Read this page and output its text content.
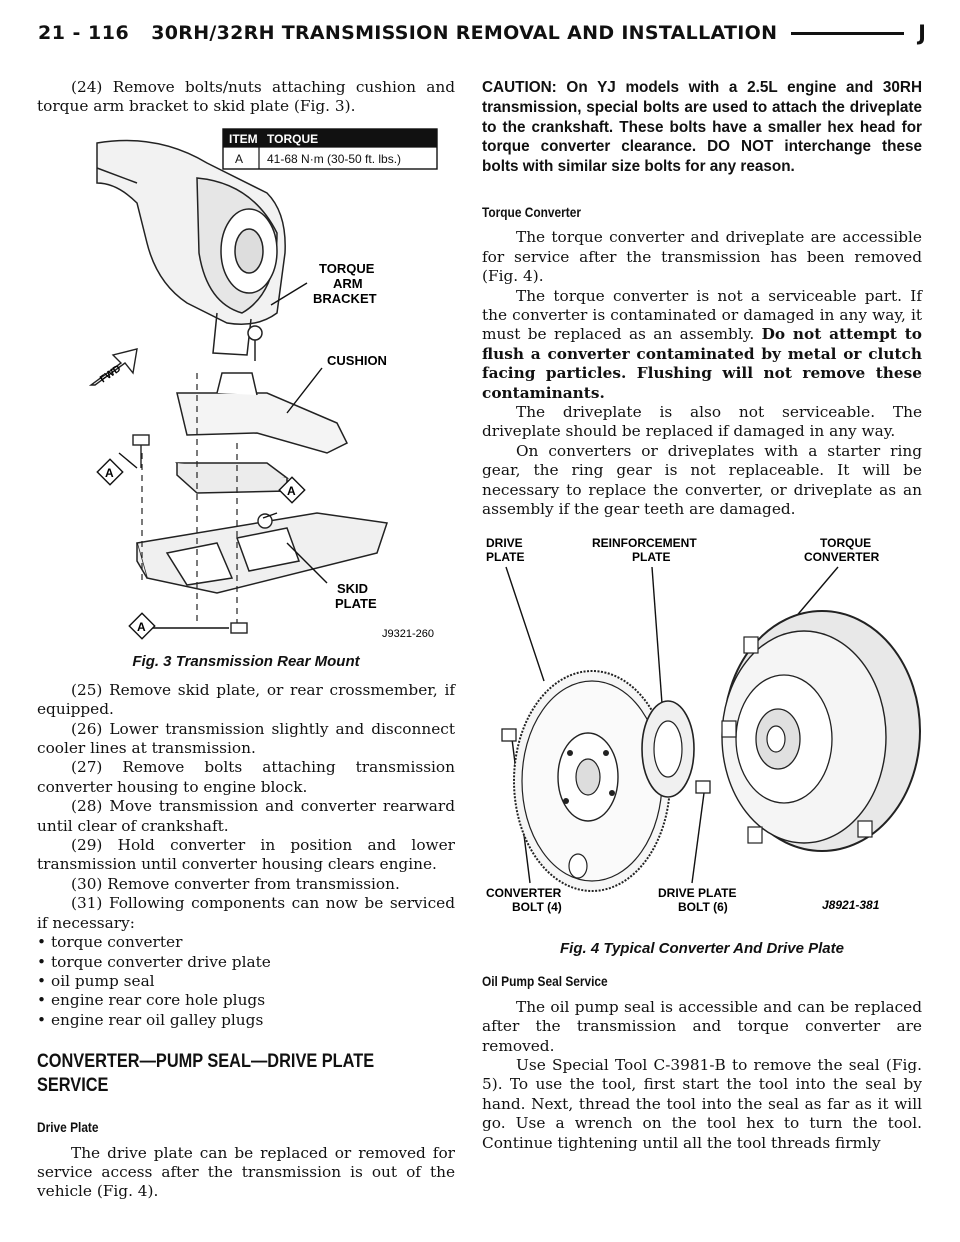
21 - 116 30RH/32RH TRANSMISSION REMOVAL AND INSTALLATION	J

(24) Remove bolts/nuts attaching cushion and torque arm bracket to skid plate (Fig. 3).

ITEM TORQUE
A 41-68 N·m (30-50 ft. lbs.)
FWD
TORQUE
ARM
BRACKET
CUSHION
SKID
PLATE
A
A
A	J9321-260
Fig. 3 Transmission Rear Mount

(25) Remove skid plate, or rear crossmember, if equipped.

(26) Lower transmission slightly and disconnect cooler lines at transmission.

(27) Remove bolts attaching transmission converter housing to engine block.

(28) Move transmission and converter rearward until clear of crankshaft.

(29) Hold converter in position and lower transmission until converter housing clears engine.

(30) Remove converter from transmission.

(31) Following components can now be serviced if necessary:

• torque converter
• torque converter drive plate
• oil pump seal
• engine rear core hole plugs
• engine rear oil galley plugs
CONVERTER—PUMP SEAL—DRIVE PLATE
SERVICE
Drive Plate

The drive plate can be replaced or removed for service access after the transmission is out of the vehicle (Fig. 4).

CAUTION: On YJ models with a 2.5L engine and 30RH transmission, special bolts are used to attach the driveplate to the crankshaft. These bolts have a smaller hex head for torque converter clearance. DO NOT interchange these bolts with similar size bolts for any reason.

Torque Converter

The torque converter and driveplate are accessible for service after the transmission has been removed (Fig. 4).

The torque converter is not a serviceable part. If the converter is contaminated or damaged in any way, it must be replaced as an assembly. Do not attempt to flush a converter contaminated by metal or clutch facing particles. Flushing will not remove these contaminants.

The driveplate is also not serviceable. The driveplate should be replaced if damaged in any way.

On converters or driveplates with a starter ring gear, the ring gear is not replaceable. It will be necessary to replace the converter, or driveplate as an assembly if the gear teeth are damaged.

DRIVE
PLATE
REINFORCEMENT
PLATE
TORQUE
CONVERTER
CONVERTER
BOLT (4)
DRIVE PLATE
BOLT (6)	J8921-381
Fig. 4 Typical Converter And Drive Plate
Oil Pump Seal Service

The oil pump seal is accessible and can be replaced after the transmission and torque converter are removed.

Use Special Tool C-3981-B to remove the seal (Fig. 5). To use the tool, first start the tool into the seal by hand. Next, thread the tool into the seal as far as it will go. Use a wrench on the tool hex to turn the tool. Continue tightening until all the tool threads firmly
